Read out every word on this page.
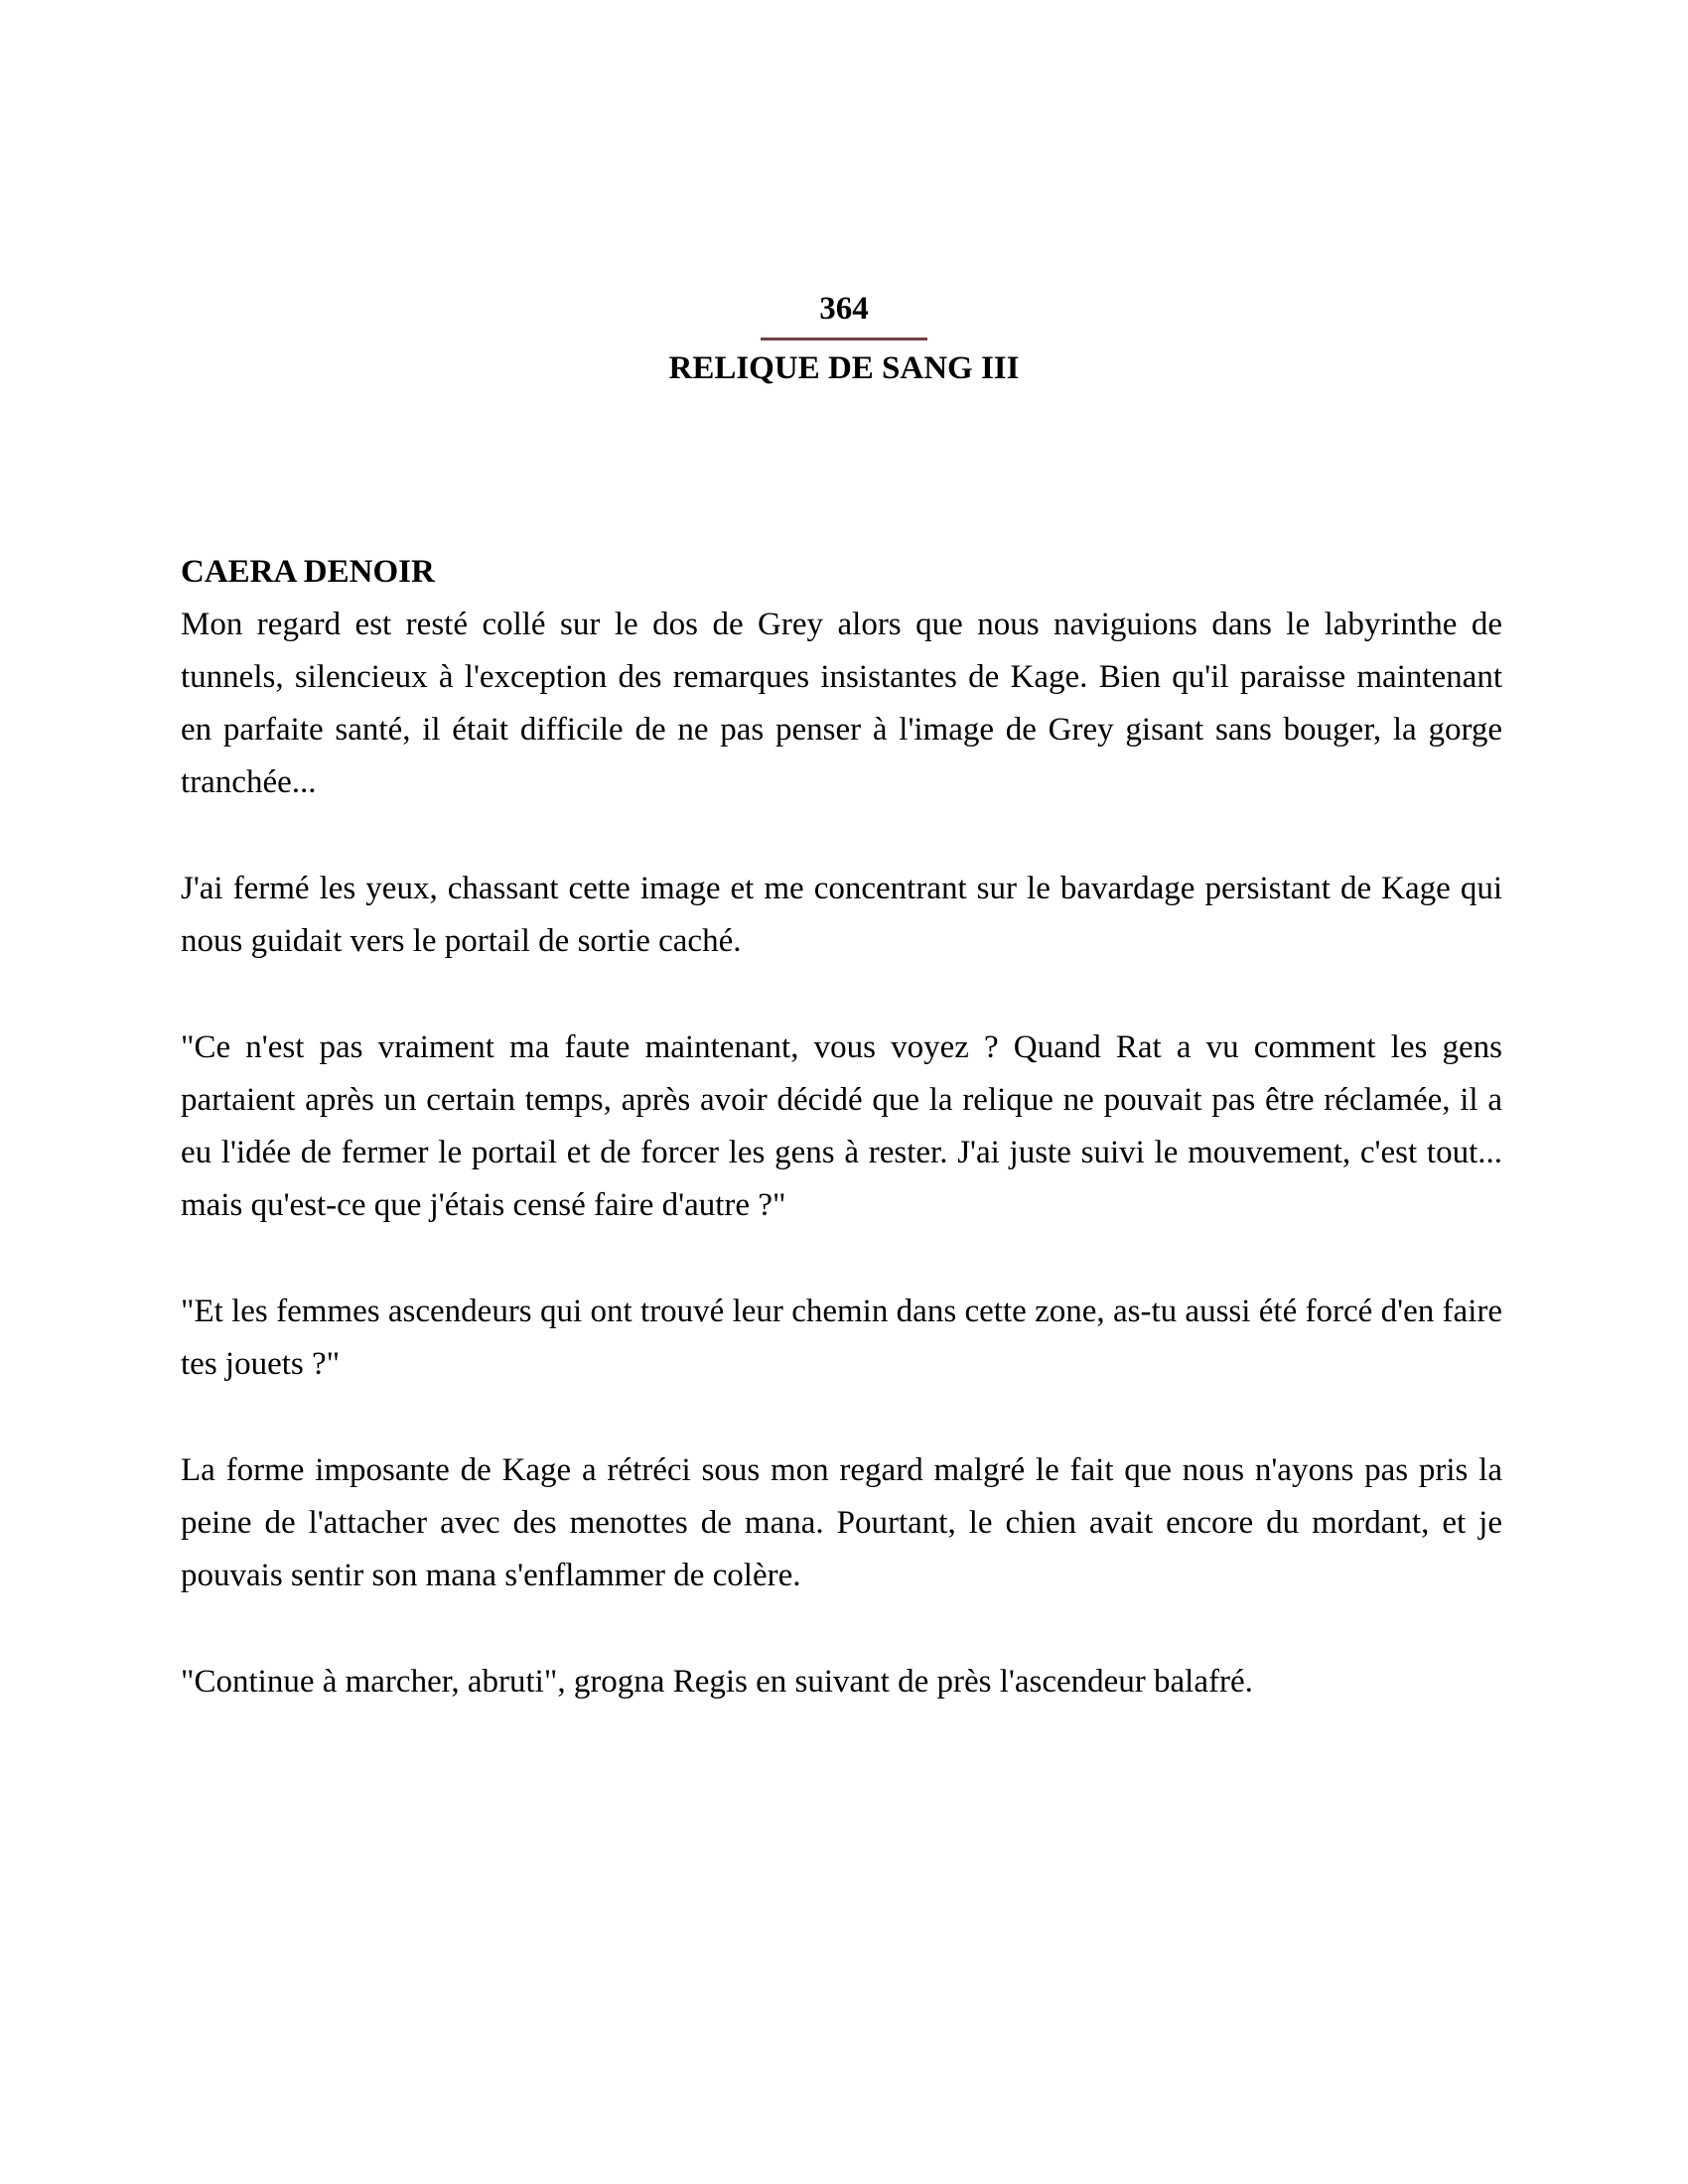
364
RELIQUE DE SANG III
CAERA DENOIR

Mon regard est resté collé sur le dos de Grey alors que nous naviguions dans le labyrinthe de tunnels, silencieux à l'exception des remarques insistantes de Kage. Bien qu'il paraisse maintenant en parfaite santé, il était difficile de ne pas penser à l'image de Grey gisant sans bouger, la gorge tranchée...

J'ai fermé les yeux, chassant cette image et me concentrant sur le bavardage persistant de Kage qui nous guidait vers le portail de sortie caché.

"Ce n'est pas vraiment ma faute maintenant, vous voyez ? Quand Rat a vu comment les gens partaient après un certain temps, après avoir décidé que la relique ne pouvait pas être réclamée, il a eu l'idée de fermer le portail et de forcer les gens à rester. J'ai juste suivi le mouvement, c'est tout... mais qu'est-ce que j'étais censé faire d'autre ?"

"Et les femmes ascendeurs qui ont trouvé leur chemin dans cette zone, as-tu aussi été forcé d'en faire tes jouets ?"

La forme imposante de Kage a rétréci sous mon regard malgré le fait que nous n'ayons pas pris la peine de l'attacher avec des menottes de mana. Pourtant, le chien avait encore du mordant, et je pouvais sentir son mana s'enflammer de colère.

"Continue à marcher, abruti", grogna Regis en suivant de près l'ascendeur balafré.
